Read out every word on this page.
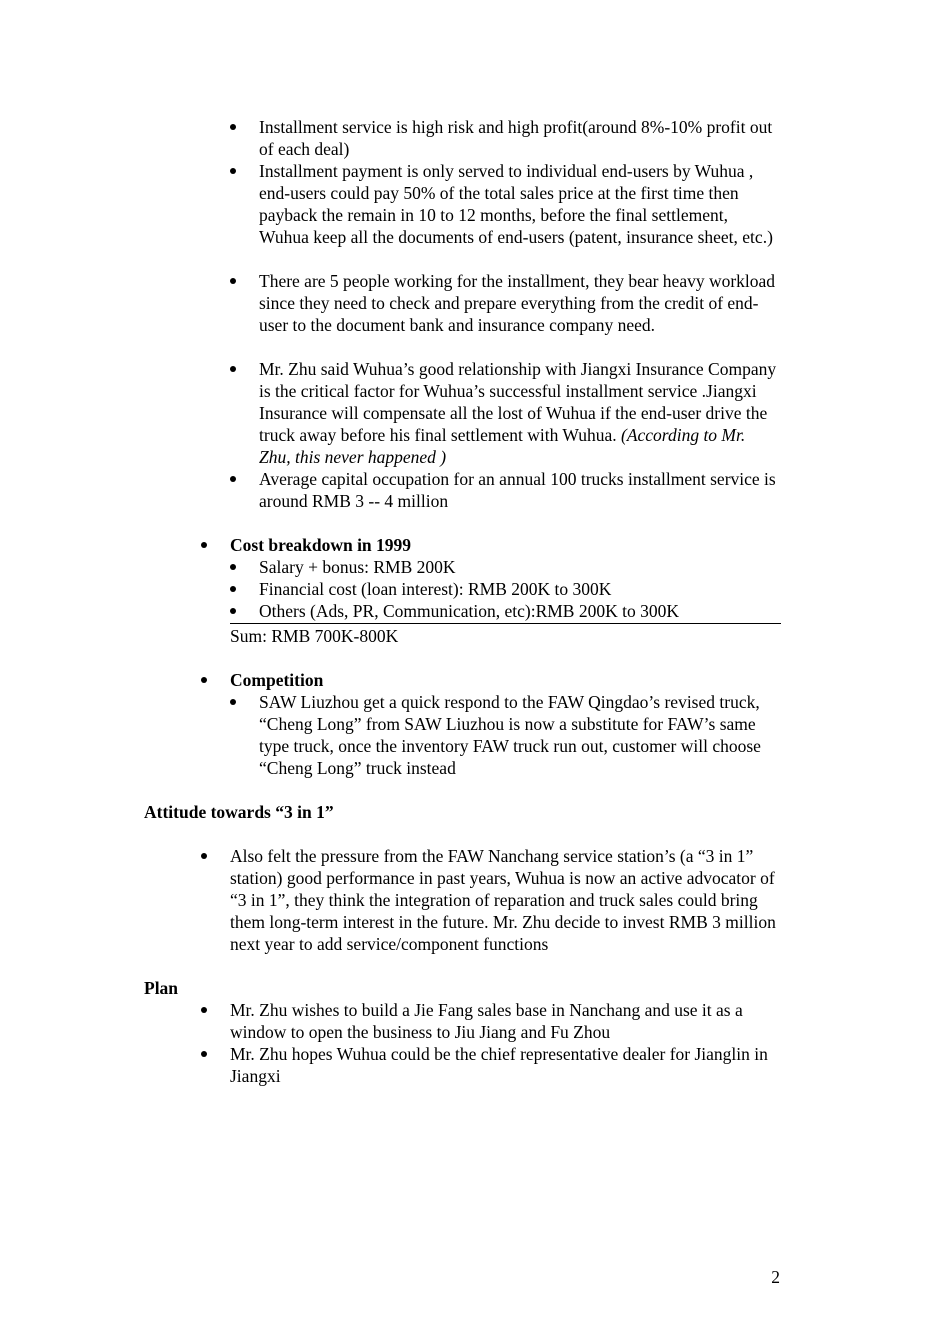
Installment service is high risk and high profit(around 8%-10% profit out of each deal)
Installment payment is only served to individual end-users by Wuhua , end-users could pay 50% of the total sales price at the first time then payback the remain in 10 to 12 months, before the final settlement, Wuhua keep all the documents of end-users (patent, insurance sheet, etc.)
There are 5 people working for the installment, they bear heavy workload since they need to check and prepare everything from the credit of end-user to the document bank and insurance company need.
Mr. Zhu said Wuhua’s good relationship with Jiangxi Insurance Company is the critical factor for Wuhua’s successful installment service .Jiangxi Insurance will compensate all the lost of Wuhua if the end-user drive the truck away before his final settlement with Wuhua. (According to Mr. Zhu, this never happened )
Average capital occupation for an annual 100 trucks installment service is around RMB 3 -- 4 million
Cost breakdown in 1999
Salary + bonus: RMB 200K
Financial cost (loan interest): RMB 200K to 300K
Others (Ads, PR, Communication, etc):RMB 200K to 300K
Sum: RMB 700K-800K
Competition
SAW Liuzhou get a quick respond to the FAW Qingdao’s revised truck, “Cheng Long” from SAW Liuzhou is now a substitute for FAW’s same type truck, once the inventory FAW truck run out, customer will choose “Cheng Long” truck instead
Attitude towards “3 in 1”
Also felt the pressure from the FAW Nanchang service station’s (a “3 in 1” station) good performance in past years, Wuhua is now an active advocator of “3 in 1”, they think the integration of reparation and truck sales could bring them long-term interest in the future. Mr. Zhu decide to invest RMB 3 million next year to add service/component functions
Plan
Mr. Zhu wishes to build a Jie Fang sales base in Nanchang and use it as a window to open the business to Jiu Jiang and Fu Zhou
Mr. Zhu hopes Wuhua could be the chief representative dealer for Jianglin in Jiangxi
2
